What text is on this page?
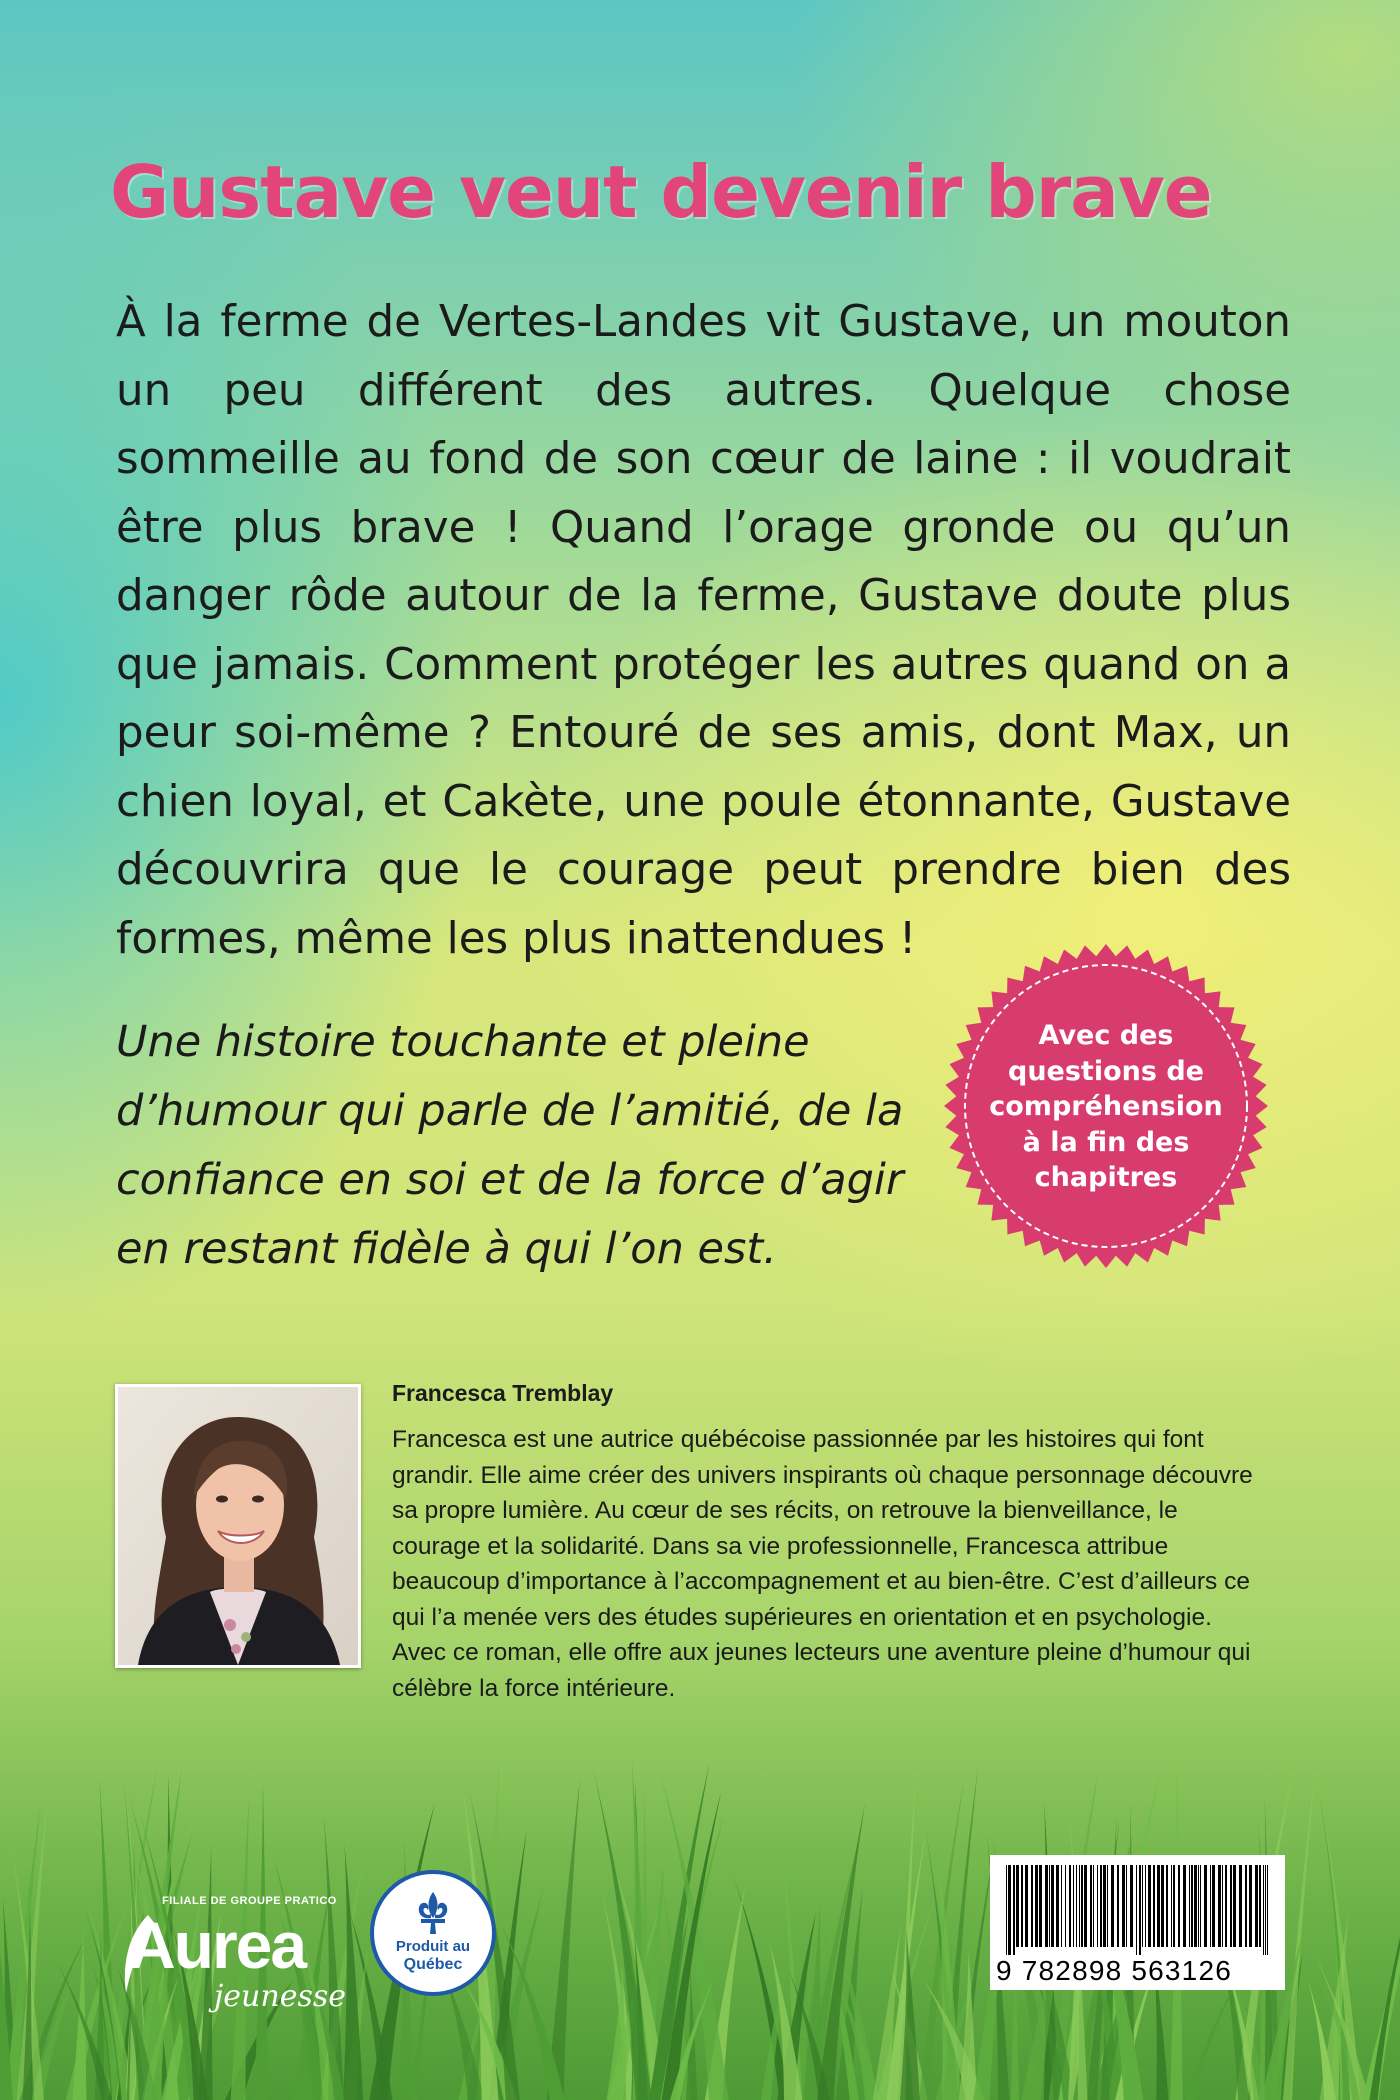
Gustave veut devenir brave

À la ferme de Vertes-Landes vit Gustave, un mouton un peu différent des autres. Quelque chose sommeille au fond de son cœur de laine : il voudrait être plus brave ! Quand l’orage gronde ou qu’un danger rôde autour de la ferme, Gustave doute plus que jamais. Comment protéger les autres quand on a peur soi-même ? Entouré de ses amis, dont Max, un chien loyal, et Cakète, une poule étonnante, Gustave découvrira que le courage peut prendre bien des formes, même les plus inattendues !

Une histoire touchante et pleine d’humour qui parle de l’amitié, de la confiance en soi et de la force d’agir en restant fidèle à qui l’on est.

Avec des questions de compréhension à la fin des chapitres

Francesca Tremblay

Francesca est une autrice québécoise passionnée par les histoires qui font grandir. Elle aime créer des univers inspirants où chaque personnage découvre sa propre lumière. Au cœur de ses récits, on retrouve la bienveillance, le courage et la solidarité. Dans sa vie professionnelle, Francesca attribue beaucoup d’importance à l’accompagnement et au bien-être. C’est d’ailleurs ce qui l’a menée vers des études supérieures en orientation et en psychologie. Avec ce roman, elle offre aux jeunes lecteurs une aventure pleine d’humour qui célèbre la force intérieure.

FILIALE DE GROUPE PRATICO
Aurea
jeunesse
Produit au
Québec	9 782898 563126
